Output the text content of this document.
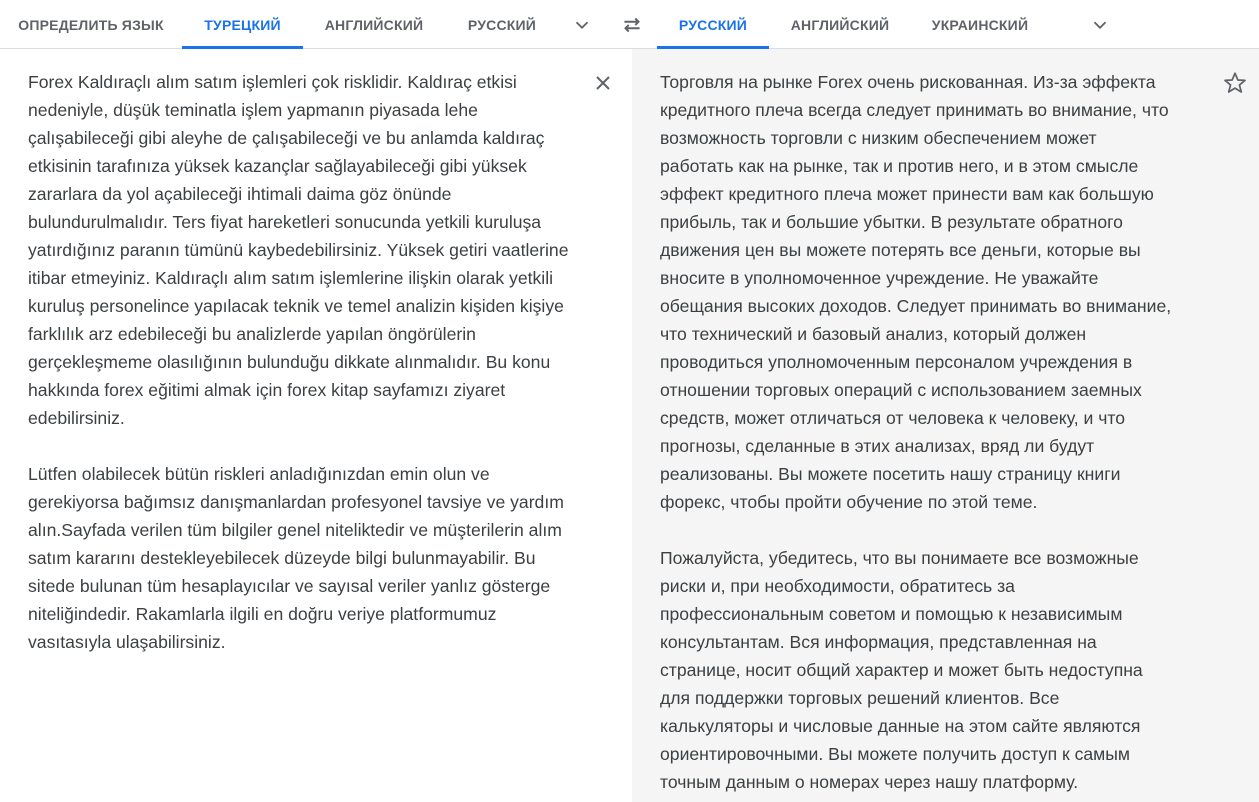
ОПРЕДЕЛИТЬ ЯЗЫК	ТУРЕЦКИЙ	АНГЛИЙСКИЙ	РУССКИЙ	РУССКИЙ	АНГЛИЙСКИЙ	УКРАИНСКИЙ
Forex Kaldıraçlı alım satım işlemleri çok risklidir. Kaldıraç etkisi
nedeniyle, düşük teminatla işlem yapmanın piyasada lehe
çalışabileceği gibi aleyhe de çalışabileceği ve bu anlamda kaldıraç
etkisinin tarafınıza yüksek kazançlar sağlayabileceği gibi yüksek
zararlara da yol açabileceği ihtimali daima göz önünde
bulundurulmalıdır. Ters fiyat hareketleri sonucunda yetkili kuruluşa
yatırdığınız paranın tümünü kaybedebilirsiniz. Yüksek getiri vaatlerine
itibar etmeyiniz. Kaldıraçlı alım satım işlemlerine ilişkin olarak yetkili
kuruluş personelince yapılacak teknik ve temel analizin kişiden kişiye
farklılık arz edebileceği bu analizlerde yapılan öngörülerin
gerçekleşmeme olasılığının bulunduğu dikkate alınmalıdır. Bu konu
hakkında forex eğitimi almak için forex kitap sayfamızı ziyaret
edebilirsiniz.

Lütfen olabilecek bütün riskleri anladığınızdan emin olun ve
gerekiyorsa bağımsız danışmanlardan profesyonel tavsiye ve yardım
alın.Sayfada verilen tüm bilgiler genel niteliktedir ve müşterilerin alım
satım kararını destekleyebilecek düzeyde bilgi bulunmayabilir. Bu
sitede bulunan tüm hesaplayıcılar ve sayısal veriler yanlız gösterge
niteliğindedir. Rakamlarla ilgili en doğru veriye platformumuz
vasıtasıyla ulaşabilirsiniz.
Торговля на рынке Forex очень рискованная. Из-за эффекта
кредитного плеча всегда следует принимать во внимание, что
возможность торговли с низким обеспечением может
работать как на рынке, так и против него, и в этом смысле
эффект кредитного плеча может принести вам как большую
прибыль, так и большие убытки. В результате обратного
движения цен вы можете потерять все деньги, которые вы
вносите в уполномоченное учреждение. Не уважайте
обещания высоких доходов. Следует принимать во внимание,
что технический и базовый анализ, который должен
проводиться уполномоченным персоналом учреждения в
отношении торговых операций с использованием заемных
средств, может отличаться от человека к человеку, и что
прогнозы, сделанные в этих анализах, вряд ли будут
реализованы. Вы можете посетить нашу страницу книги
форекс, чтобы пройти обучение по этой теме.

Пожалуйста, убедитесь, что вы понимаете все возможные
риски и, при необходимости, обратитесь за
профессиональным советом и помощью к независимым
консультантам. Вся информация, представленная на
странице, носит общий характер и может быть недоступна
для поддержки торговых решений клиентов. Все
калькуляторы и числовые данные на этом сайте являются
ориентировочными. Вы можете получить доступ к самым
точным данным о номерах через нашу платформу.
